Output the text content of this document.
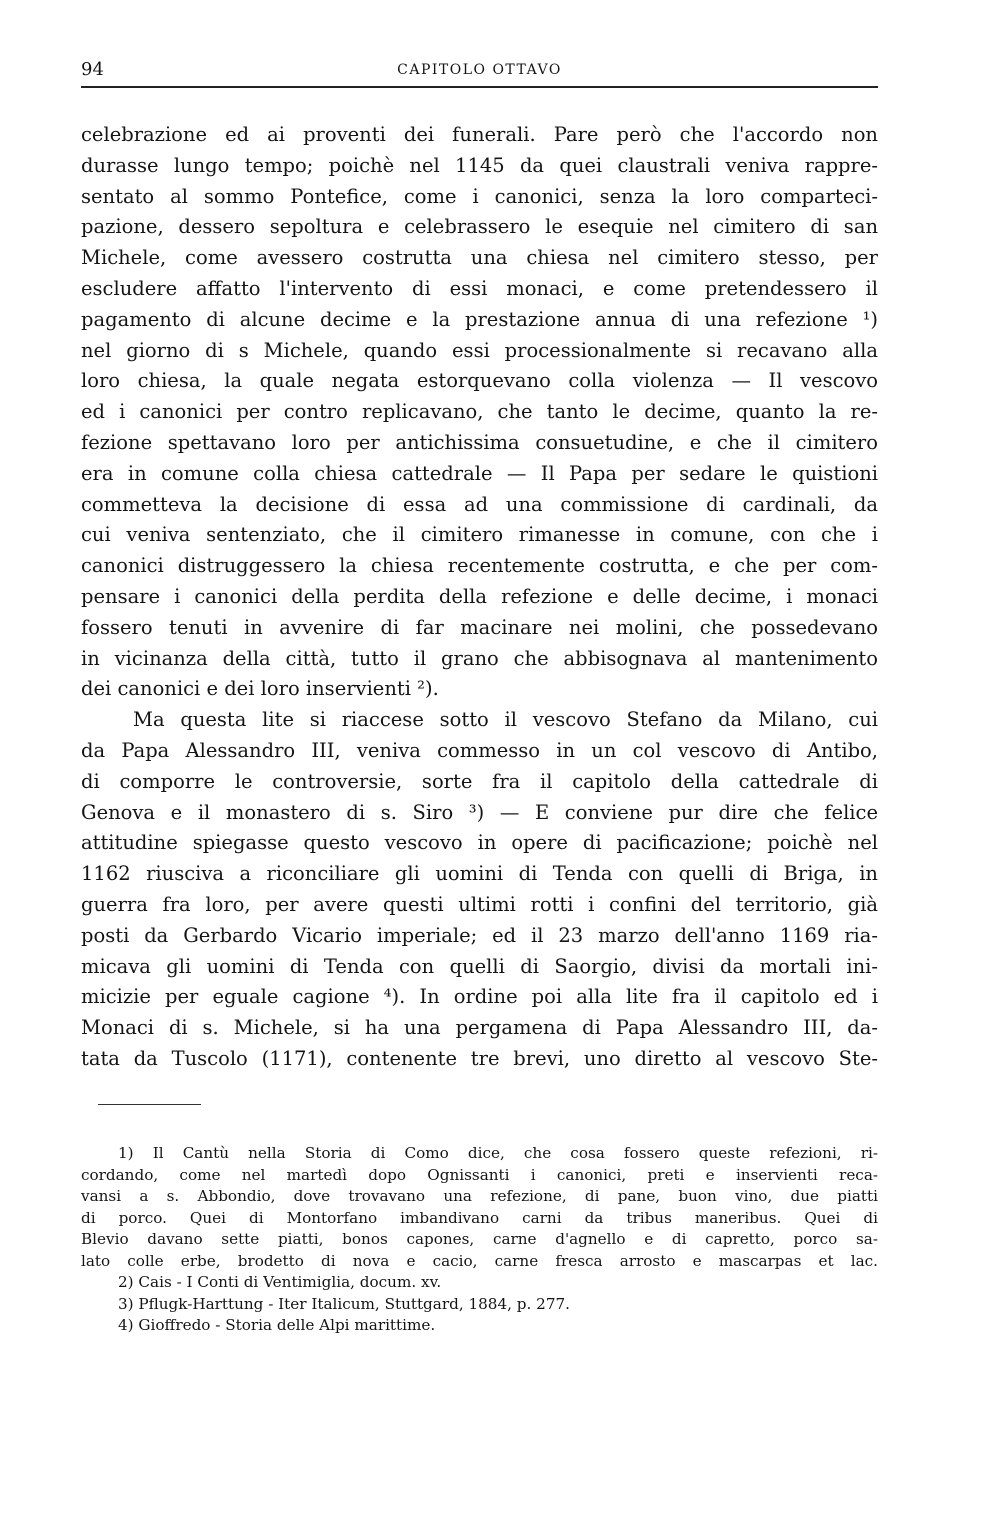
94	CAPITOLO OTTAVO
celebrazione ed ai proventi dei funerali. Pare però che l'accordo non
durasse lungo tempo; poichè nel 1145 da quei claustrali veniva rappre-
sentato al sommo Pontefice, come i canonici, senza la loro comparteci-
pazione, dessero sepoltura e celebrassero le esequie nel cimitero di san
Michele, come avessero costrutta una chiesa nel cimitero stesso, per
escludere affatto l'intervento di essi monaci, e come pretendessero il
pagamento di alcune decime e la prestazione annua di una refezione ¹)
nel giorno di s Michele, quando essi processionalmente si recavano alla
loro chiesa, la quale negata estorquevano colla violenza — Il vescovo
ed i canonici per contro replicavano, che tanto le decime, quanto la re-
fezione spettavano loro per antichissima consuetudine, e che il cimitero
era in comune colla chiesa cattedrale — Il Papa per sedare le quistioni
commetteva la decisione di essa ad una commissione di cardinali, da
cui veniva sentenziato, che il cimitero rimanesse in comune, con che i
canonici distruggessero la chiesa recentemente costrutta, e che per com-
pensare i canonici della perdita della refezione e delle decime, i monaci
fossero tenuti in avvenire di far macinare nei molini, che possedevano
in vicinanza della città, tutto il grano che abbisognava al mantenimento
dei canonici e dei loro inservienti ²).
Ma questa lite si riaccese sotto il vescovo Stefano da Milano, cui
da Papa Alessandro III, veniva commesso in un col vescovo di Antibo,
di comporre le controversie, sorte fra il capitolo della cattedrale di
Genova e il monastero di s. Siro ³) — E conviene pur dire che felice
attitudine spiegasse questo vescovo in opere di pacificazione; poichè nel
1162 riusciva a riconciliare gli uomini di Tenda con quelli di Briga, in
guerra fra loro, per avere questi ultimi rotti i confini del territorio, già
posti da Gerbardo Vicario imperiale; ed il 23 marzo dell'anno 1169 ria-
micava gli uomini di Tenda con quelli di Saorgio, divisi da mortali ini-
micizie per eguale cagione ⁴). In ordine poi alla lite fra il capitolo ed i
Monaci di s. Michele, si ha una pergamena di Papa Alessandro III, da-
tata da Tuscolo (1171), contenente tre brevi, uno diretto al vescovo Ste-
1) Il Cantù nella Storia di Como dice, che cosa fossero queste refezioni, ri-
cordando, come nel martedì dopo Ognissanti i canonici, preti e inservienti reca-
vansi a s. Abbondio, dove trovavano una refezione, di pane, buon vino, due piatti
di porco. Quei di Montorfano imbandivano carni da tribus maneribus. Quei di
Blevio davano sette piatti, bonos capones, carne d'agnello e di capretto, porco sa-
lato colle erbe, brodetto di nova e cacio, carne fresca arrosto e mascarpas et lac.
2) Cais - I Conti di Ventimiglia, docum. xv.
3) Pflugk-Harttung - Iter Italicum, Stuttgard, 1884, p. 277.
4) Gioffredo - Storia delle Alpi marittime.
